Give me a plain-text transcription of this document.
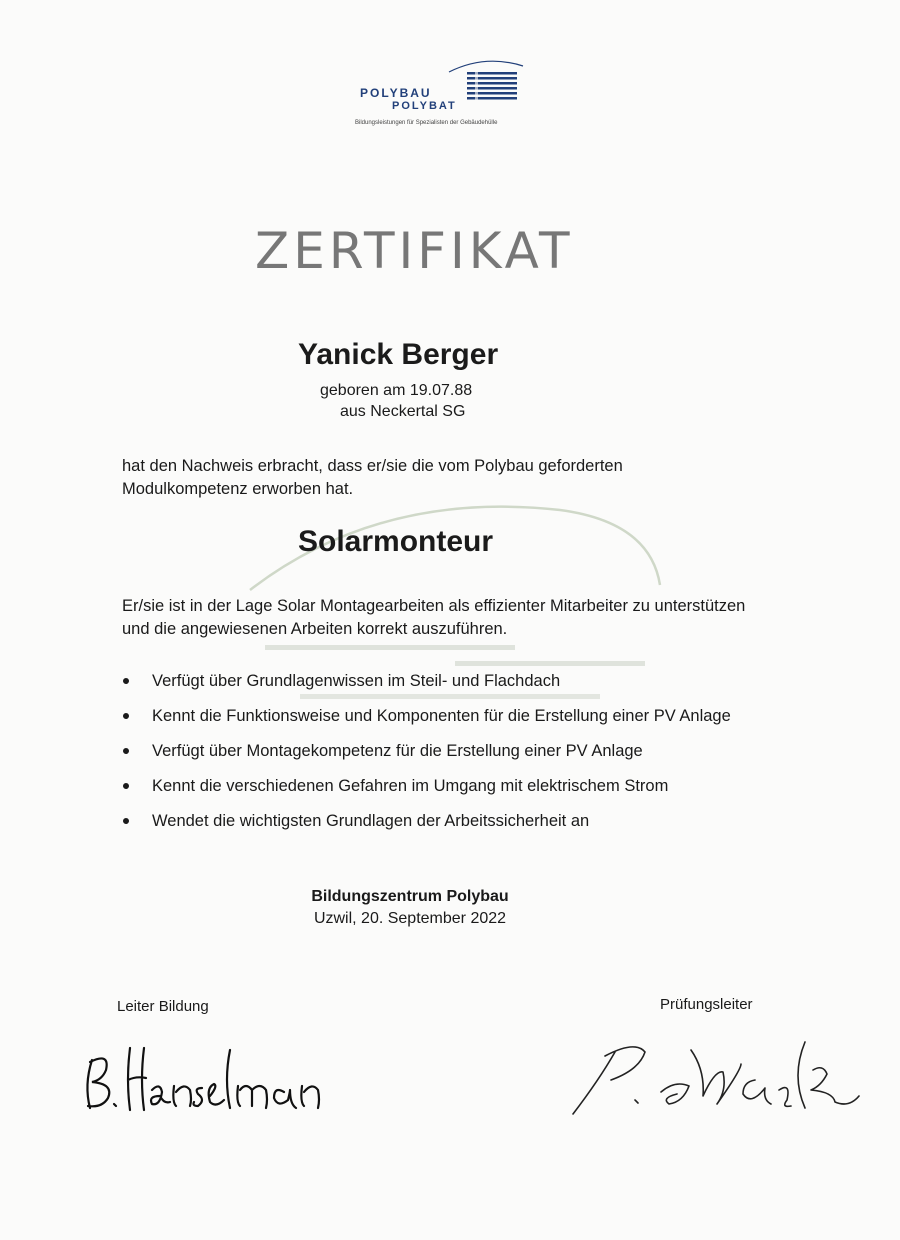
POLYBAU
POLYBAT
Bildungsleistungen für Spezialisten der Gebäudehülle
ZERTIFIKAT
Yanick Berger
geboren am 19.07.88
aus Neckertal SG
hat den Nachweis erbracht, dass er/sie die vom Polybau geforderten Modulkompetenz erworben hat.
Solarmonteur
Er/sie ist in der Lage Solar Montagearbeiten als effizienter Mitarbeiter zu unterstützen und die angewiesenen Arbeiten korrekt auszuführen.
Verfügt über Grundlagenwissen im Steil- und Flachdach
Kennt die Funktionsweise und Komponenten für die Erstellung einer PV Anlage
Verfügt über Montagekompetenz für die Erstellung einer PV Anlage
Kennt die verschiedenen Gefahren im Umgang mit elektrischem Strom
Wendet die wichtigsten Grundlagen der Arbeitssicherheit an
Bildungszentrum Polybau
Uzwil, 20. September 2022
Leiter Bildung	Prüfungsleiter
